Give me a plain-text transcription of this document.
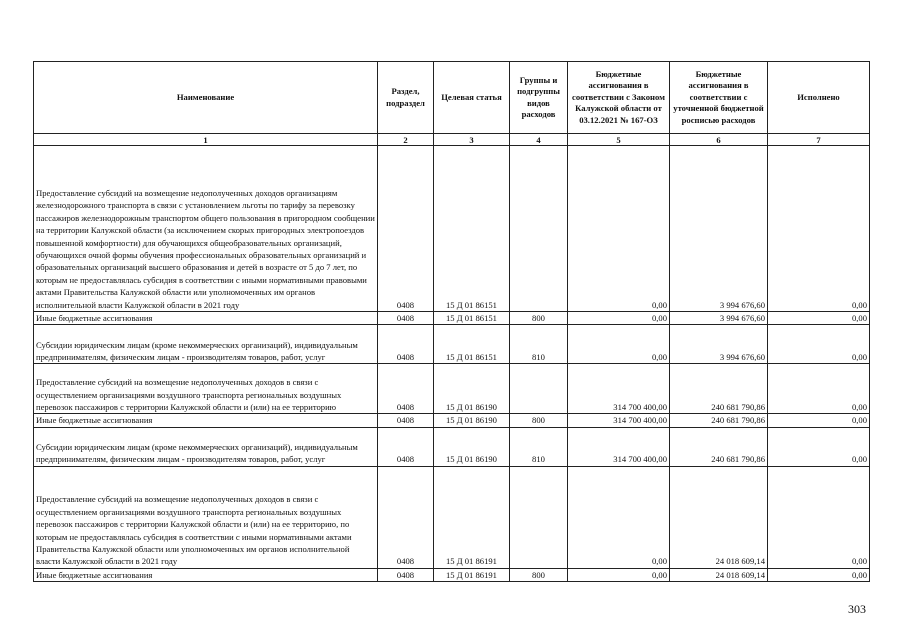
Наименование	Раздел, подраздел	Целевая статья	Группы и подгруппы видов расходов	Бюджетные ассигнования в соответствии с Законом Калужской области от 03.12.2021 № 167-ОЗ	Бюджетные ассигнования в соответствии с уточненной бюджетной росписью расходов	Исполнено
1	2	3	4	5	6	7
Предоставление субсидий на возмещение недополученных доходов организациям железнодорожного транспорта в связи с установлением льготы по тарифу за перевозку пассажиров железнодорожным транспортом общего пользования в пригородном сообщении на территории Калужской области (за исключением скорых пригородных электропоездов повышенной комфортности) для обучающихся общеобразовательных организаций, обучающихся очной формы обучения профессиональных образовательных организаций и образовательных организаций высшего образования и детей в возрасте от 5 до 7 лет, по которым не предоставлялась субсидия в соответствии с иными нормативными правовыми актами Правительства Калужской области или уполномоченных им органов исполнительной власти Калужской области в 2021 году	0408	15 Д 01 86151		0,00	3 994 676,60	0,00
Иные бюджетные ассигнования	0408	15 Д 01 86151	800	0,00	3 994 676,60	0,00
Субсидии юридическим лицам (кроме некоммерческих организаций), индивидуальным предпринимателям, физическим лицам - производителям товаров, работ, услуг	0408	15 Д 01 86151	810	0,00	3 994 676,60	0,00
Предоставление субсидий на возмещение недополученных доходов в связи с осуществлением организациями воздушного транспорта региональных воздушных перевозок пассажиров с территории Калужской области и (или) на ее территорию	0408	15 Д 01 86190		314 700 400,00	240 681 790,86	0,00
Иные бюджетные ассигнования	0408	15 Д 01 86190	800	314 700 400,00	240 681 790,86	0,00
Субсидии юридическим лицам (кроме некоммерческих организаций), индивидуальным предпринимателям, физическим лицам - производителям товаров, работ, услуг	0408	15 Д 01 86190	810	314 700 400,00	240 681 790,86	0,00
Предоставление субсидий на возмещение недополученных доходов в связи с осуществлением организациями воздушного транспорта региональных воздушных перевозок пассажиров с территории Калужской области и (или) на ее территорию, по которым не предоставлялась субсидия в соответствии с иными нормативными актами Правительства Калужской области или уполномоченных им органов исполнительной власти Калужской области в 2021 году	0408	15 Д 01 86191		0,00	24 018 609,14	0,00
Иные бюджетные ассигнования	0408	15 Д 01 86191	800	0,00	24 018 609,14	0,00
303
